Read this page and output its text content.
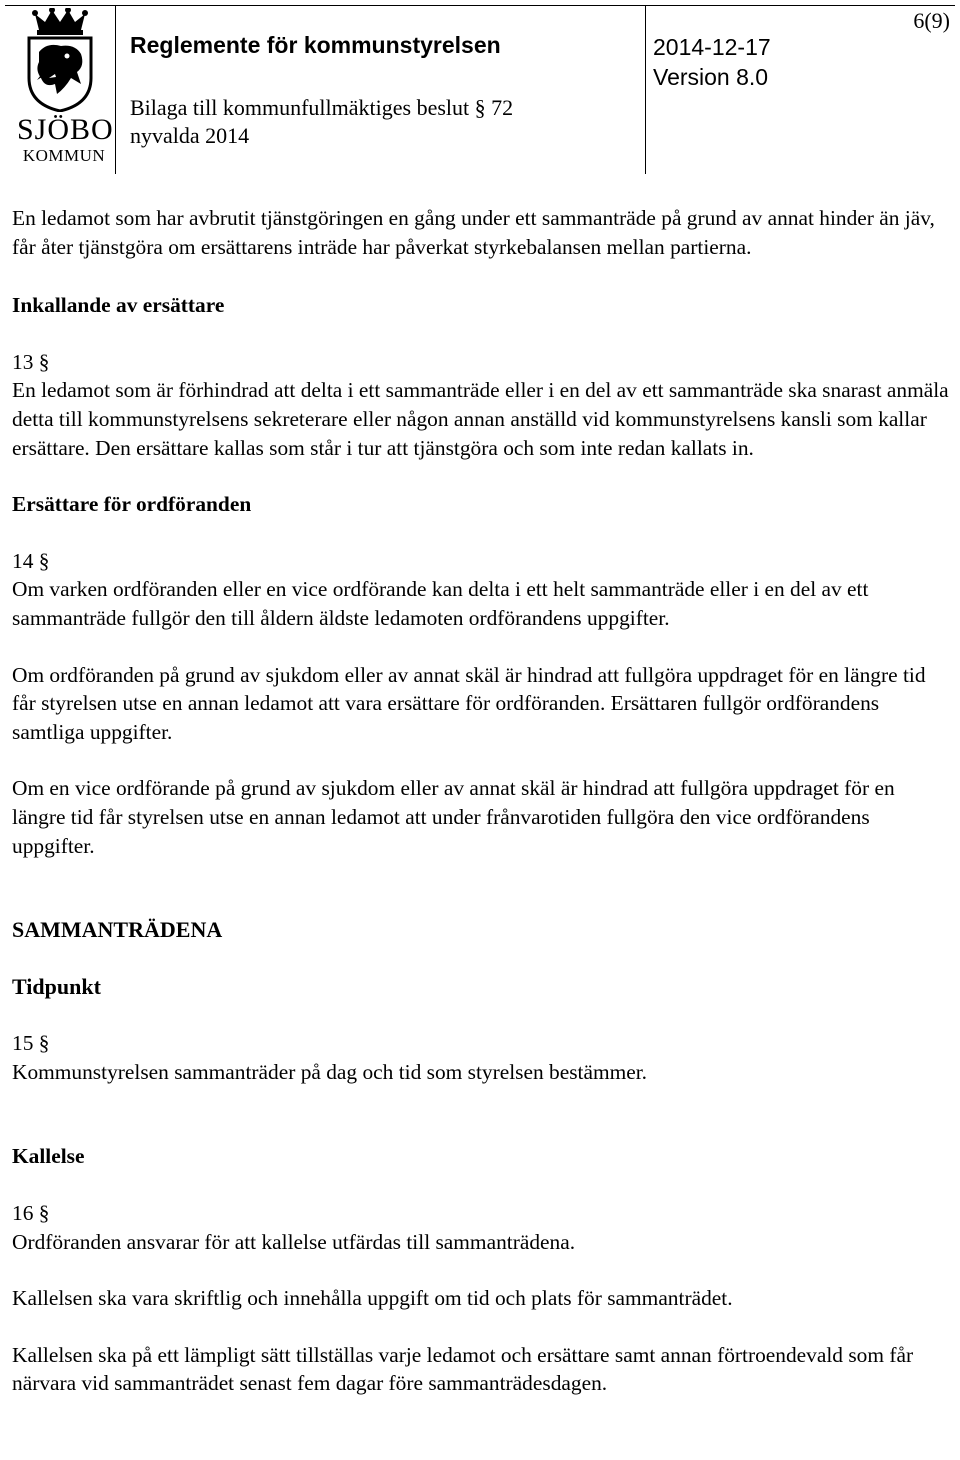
SJÖBO
KOMMUN
Reglemente för kommunstyrelsen
Bilaga till kommunfullmäktiges beslut § 72
nyvalda 2014
6(9)
2014-12-17
Version 8.0

En ledamot som har avbrutit tjänstgöringen en gång under ett sammanträde på grund av annat hinder än jäv, får åter tjänstgöra om ersättarens inträde har påverkat styrkebalansen mellan partierna.

Inkallande av ersättare

13 §

En ledamot som är förhindrad att delta i ett sammanträde eller i en del av ett sammanträde ska snarast anmäla detta till kommunstyrelsens sekreterare eller någon annan anställd vid kommunstyrelsens kansli som kallar ersättare. Den ersättare kallas som står i tur att tjänstgöra och som inte redan kallats in.

Ersättare för ordföranden

14 §

Om varken ordföranden eller en vice ordförande kan delta i ett helt sammanträde eller i en del av ett sammanträde fullgör den till åldern äldste ledamoten ordförandens uppgifter.

Om ordföranden på grund av sjukdom eller av annat skäl är hindrad att fullgöra uppdraget för en längre tid får styrelsen utse en annan ledamot att vara ersättare för ordföranden. Ersättaren fullgör ordförandens samtliga uppgifter.

Om en vice ordförande på grund av sjukdom eller av annat skäl är hindrad att fullgöra uppdraget för en längre tid får styrelsen utse en annan ledamot att under frånvarotiden fullgöra den vice ordförandens uppgifter.

SAMMANTRÄDENA
Tidpunkt

15 §

Kommunstyrelsen sammanträder på dag och tid som styrelsen bestämmer.

Kallelse

16 §

Ordföranden ansvarar för att kallelse utfärdas till sammanträdena.

Kallelsen ska vara skriftlig och innehålla uppgift om tid och plats för sammanträdet.

Kallelsen ska på ett lämpligt sätt tillställas varje ledamot och ersättare samt annan förtroendevald som får närvara vid sammanträdet senast fem dagar före sammanträdesdagen.
